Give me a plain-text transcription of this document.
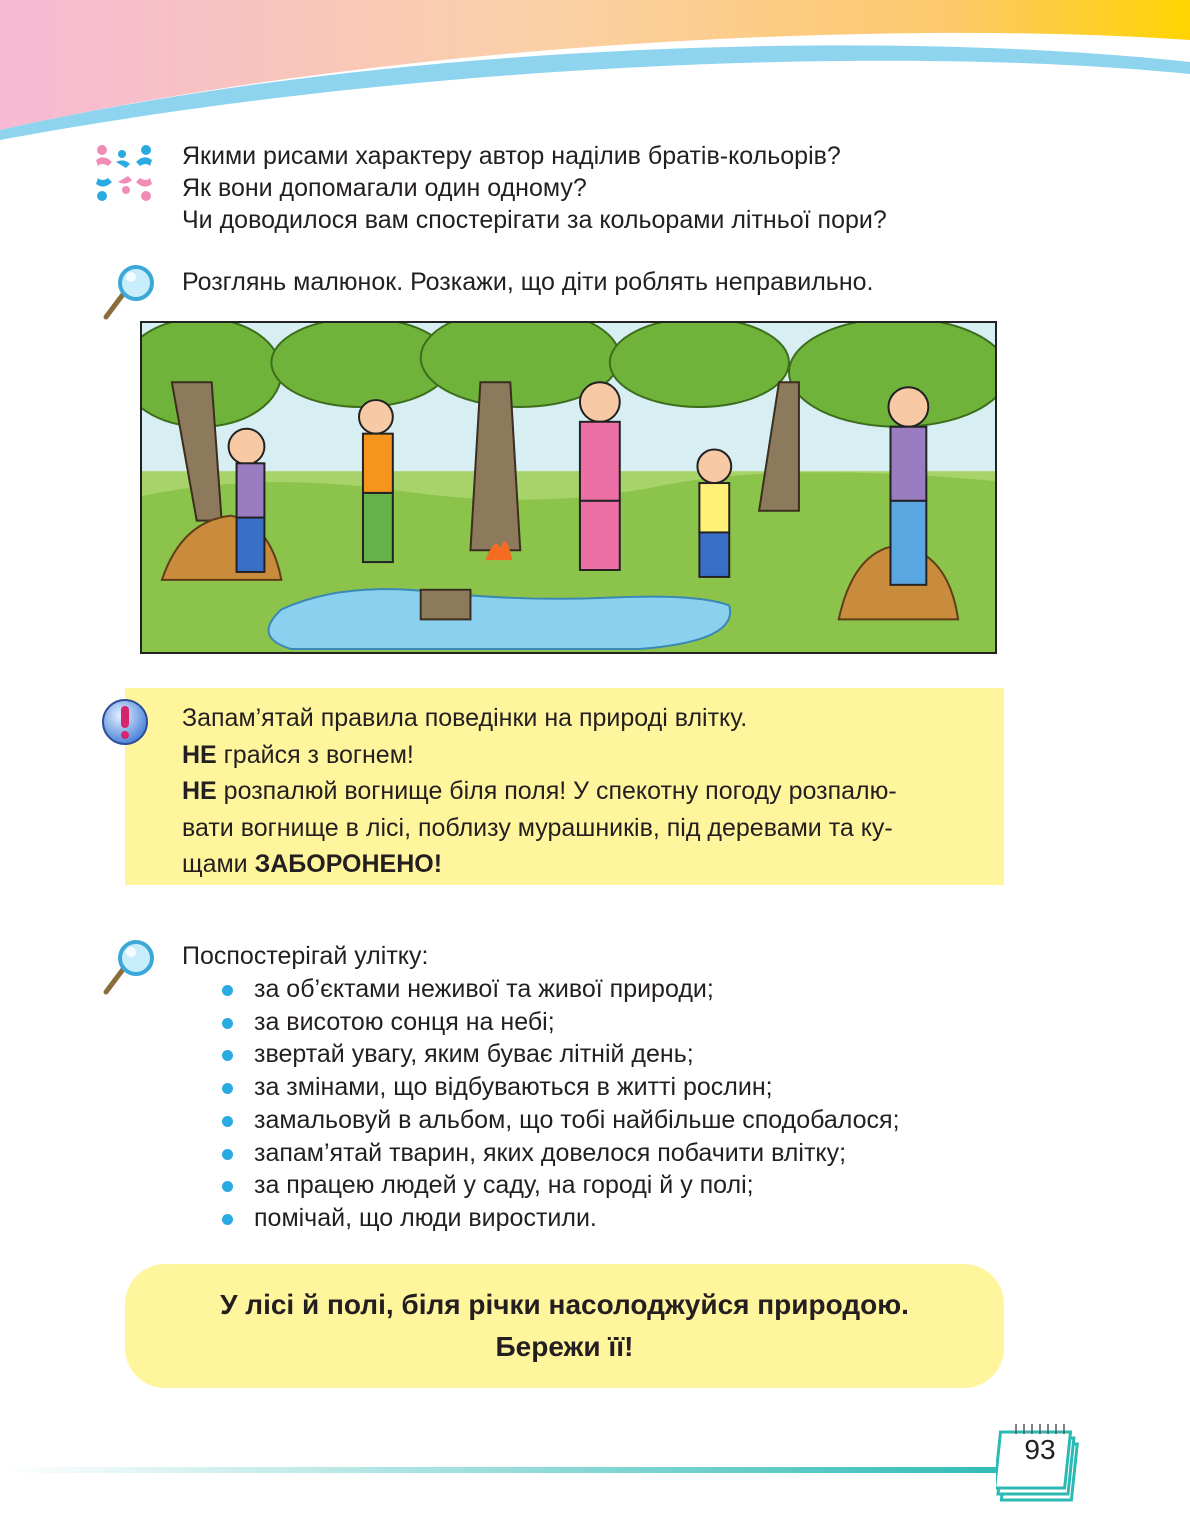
Якими рисами характеру автор наділив братів-кольорів?
Як вони допомагали один одному?
Чи доводилося вам спостерігати за кольорами літньої пори?
Розглянь малюнок. Розкажи, що діти роблять неправильно.
Запам’ятай правила поведінки на природі влітку.
НЕ грайся з вогнем!
НЕ розпалюй вогнище біля поля! У спекотну погоду розпалю-
вати вогнище в лісі, поблизу мурашників, під деревами та ку-
щами ЗАБОРОНЕНО!
Поспостерігай улітку:
за об’єктами неживої та живої природи;
за висотою сонця на небі;
звертай увагу, яким буває літній день;
за змінами, що відбуваються в житті рослин;
замальовуй в альбом, що тобі найбільше сподобалося;
запам’ятай тварин, яких довелося побачити влітку;
за працею людей у саду, на городі й у полі;
помічай, що люди виростили.
У лісі й полі, біля річки насолоджуйся природою.
Бережи її!
93
